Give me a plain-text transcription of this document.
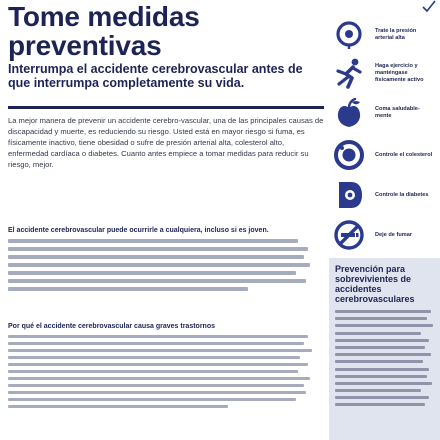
Tome medidas preventivas

Interrumpa el accidente cerebrovascular antes de que interrumpa completamente su vida.

La mejor manera de prevenir un accidente cerebro-vascular, una de las principales causas de discapacidad y muerte, es reduciendo su riesgo. Usted está en mayor riesgo si fuma, es físicamente inactivo, tiene obesidad o sufre de presión arterial alta, colesterol alto, enfermedad cardíaca o diabetes. Cuanto antes empiece a tomar medidas para reducir su riesgo, mejor.

El accidente cerebrovascular puede ocurrirle a cualquiera, incluso si es joven.
Por qué el accidente cerebrovascular causa graves trastornos
Trate la presión arterial alta
Haga ejercicio y manténgase físicamente activo
Coma saludable-mente
Controle el colesterol
Controle la diabetes
Deje de fumar
Prevención para sobrevivientes de accidentes cerebrovasculares
